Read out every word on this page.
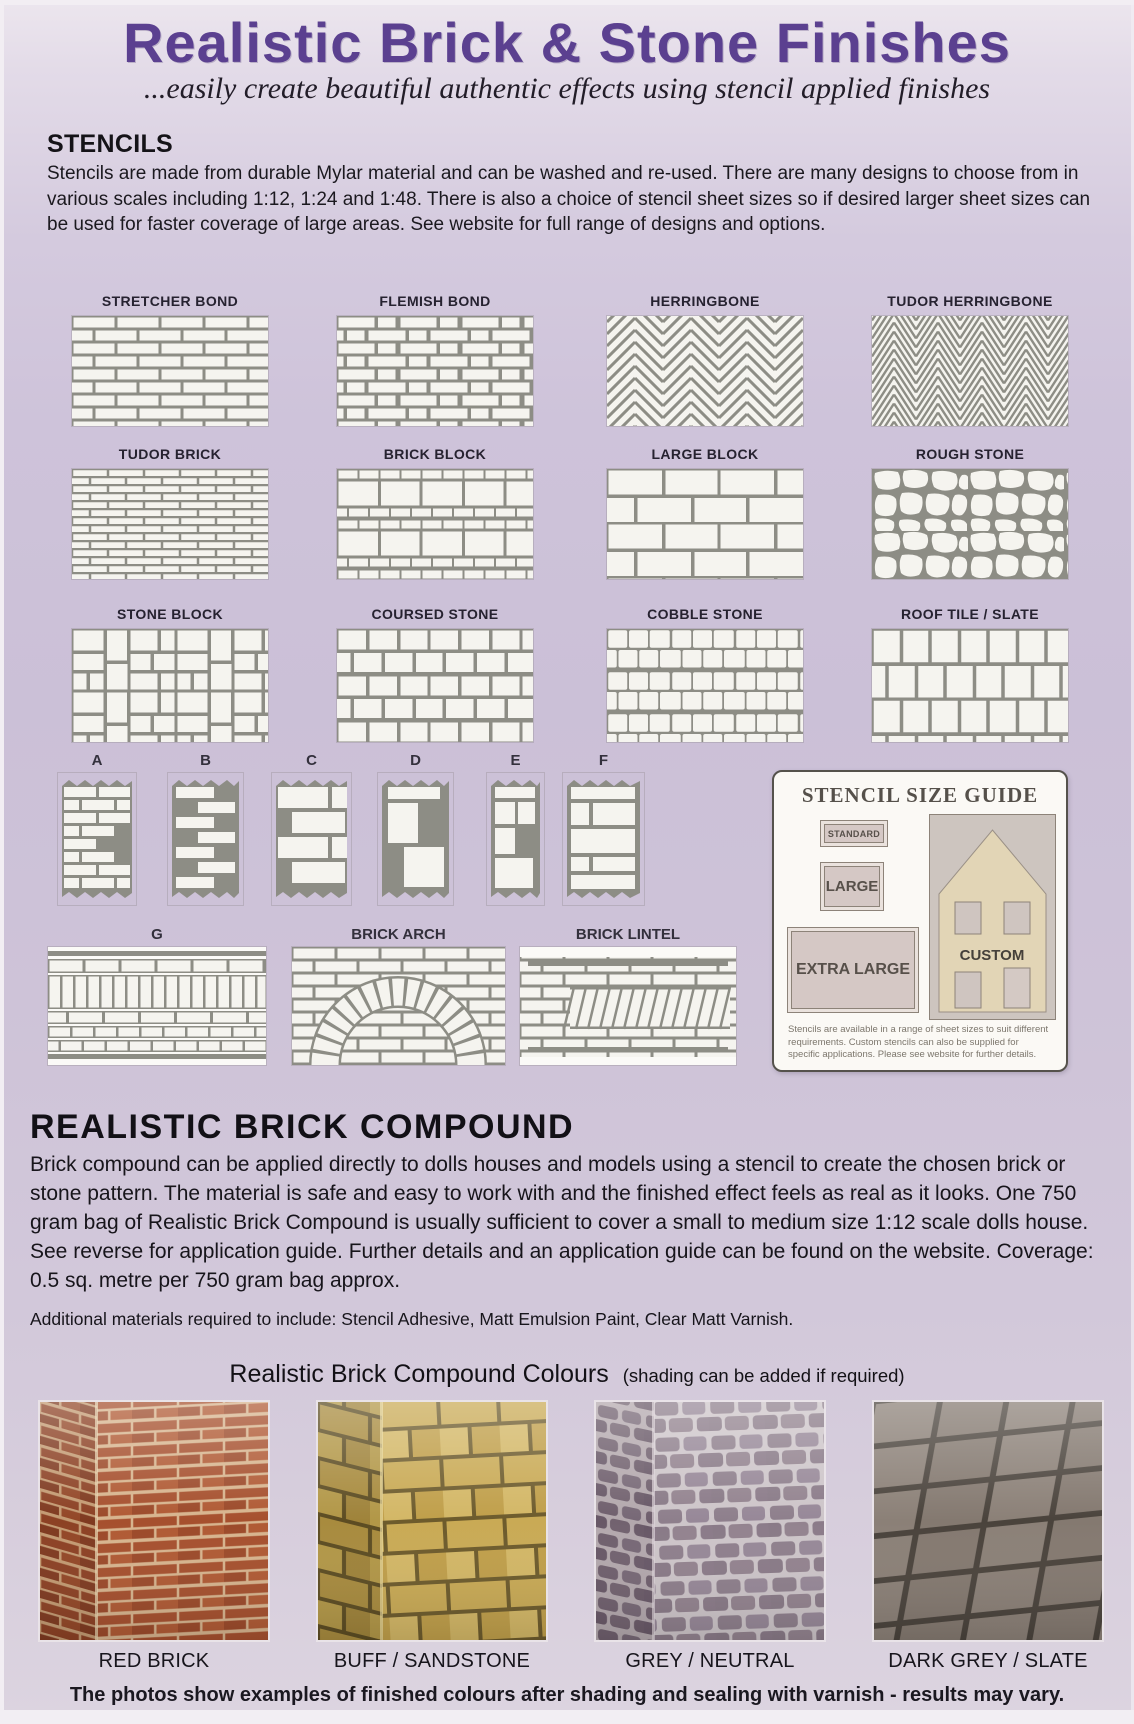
Realistic Brick & Stone Finishes
...easily create beautiful authentic effects using stencil applied finishes
STENCILS
Stencils are made from durable Mylar material and can be washed and re-used. There are many designs to choose from in various scales including 1:12, 1:24 and 1:48. There is also a choice of stencil sheet sizes so if desired larger sheet sizes can be used for faster coverage of large areas. See website for full range of designs and options.
STRETCHER BOND	FLEMISH BOND	HERRINGBONE	TUDOR HERRINGBONE
TUDOR BRICK	BRICK BLOCK	LARGE BLOCK	ROUGH STONE
STONE BLOCK	COURSED STONE	COBBLE STONE	ROOF TILE / SLATE
A	B	C	D	E	F
G	BRICK ARCH	BRICK LINTEL
STENCIL SIZE GUIDE
STANDARD
LARGE
EXTRA LARGE
CUSTOM
Stencils are available in a range of sheet sizes to suit different requirements. Custom stencils can also be supplied for specific applications. Please see website for further details.
REALISTIC BRICK COMPOUND
Brick compound can be applied directly to dolls houses and models using a stencil to create the chosen brick or stone pattern. The material is safe and easy to work with and the finished effect feels as real as it looks. One 750 gram bag of Realistic Brick Compound is usually sufficient to cover a small to medium size 1:12 scale dolls house. See reverse for application guide. Further details and an application guide can be found on the website. Coverage: 0.5 sq. metre per 750 gram bag approx.
Additional materials required to include: Stencil Adhesive, Matt Emulsion Paint, Clear Matt Varnish.
Realistic Brick Compound Colours (shading can be added if required)
RED BRICK	BUFF / SANDSTONE	GREY / NEUTRAL	DARK GREY / SLATE
The photos show examples of finished colours after shading and sealing with varnish - results may vary.
